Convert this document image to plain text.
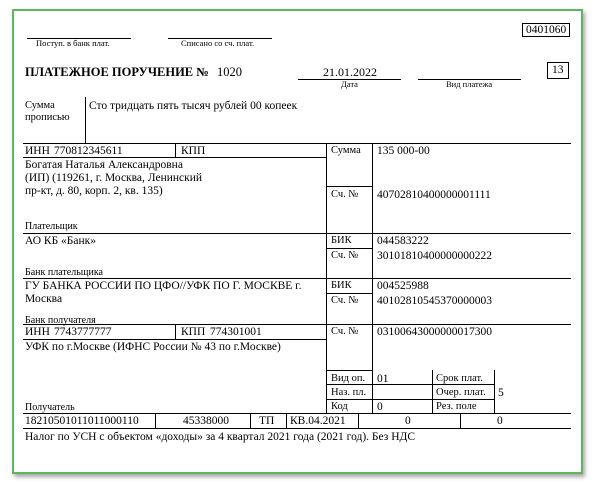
0401060
Поступ. в банк плат.	Списано со сч. плат.
ПЛАТЕЖНОЕ ПОРУЧЕНИЕ № 1020	21.01.2022
Дата	Вид платежа
13
Сумма
прописью
Сто тридцать пять тысяч рублей 00 копеек
ИНН 770812345611	КПП
Богатая Наталья Александровна
(ИП) (119261, г. Москва, Ленинский
пр-кт, д. 80, корп. 2, кв. 135)
Плательщик
Сумма 135 000-00
Сч. № 40702810400000001111
АО КБ «Банк»
Банк плательщика
БИК 044583222
Сч. № 30101810400000000222
ГУ БАНКА РОССИИ ПО ЦФО//УФК ПО Г. МОСКВЕ г.
Москва
Банк получателя
БИК 004525988
Сч. № 40102810545370000003
ИНН 7743777777	КПП 774301001
УФК по г.Москве (ИФНС России № 43 по г.Москве)
Получатель
Сч. № 03100643000000017300
Вид оп. 01	Срок плат.
Наз. пл.	Очер. плат. 5
Код	0	Рез. поле
18210501011011000110	45338000	ТП КВ.04.2021	0	0
Налог по УСН с объектом «доходы» за 4 квартал 2021 года (2021 год). Без НДС
